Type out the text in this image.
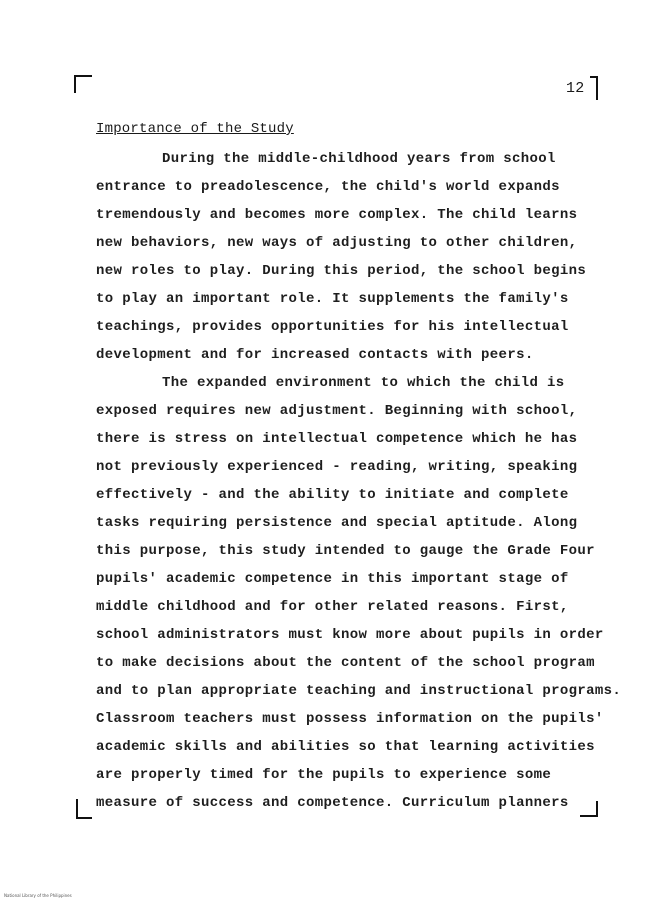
12
Importance of the Study
During the middle-childhood years from school
entrance to preadolescence, the child's world expands
tremendously and becomes more complex. The child learns
new behaviors, new ways of adjusting to other children,
new roles to play. During this period, the school begins
to play an important role. It supplements the family's
teachings, provides opportunities for his intellectual
development and for increased contacts with peers.
The expanded environment to which the child is
exposed requires new adjustment. Beginning with school,
there is stress on intellectual competence which he has
not previously experienced - reading, writing, speaking
effectively - and the ability to initiate and complete
tasks requiring persistence and special aptitude. Along
this purpose, this study intended to gauge the Grade Four
pupils' academic competence in this important stage of
middle childhood and for other related reasons. First,
school administrators must know more about pupils in order
to make decisions about the content of the school program
and to plan appropriate teaching and instructional programs.
Classroom teachers must possess information on the pupils'
academic skills and abilities so that learning activities
are properly timed for the pupils to experience some
measure of success and competence. Curriculum planners
National Library of the Philippines
